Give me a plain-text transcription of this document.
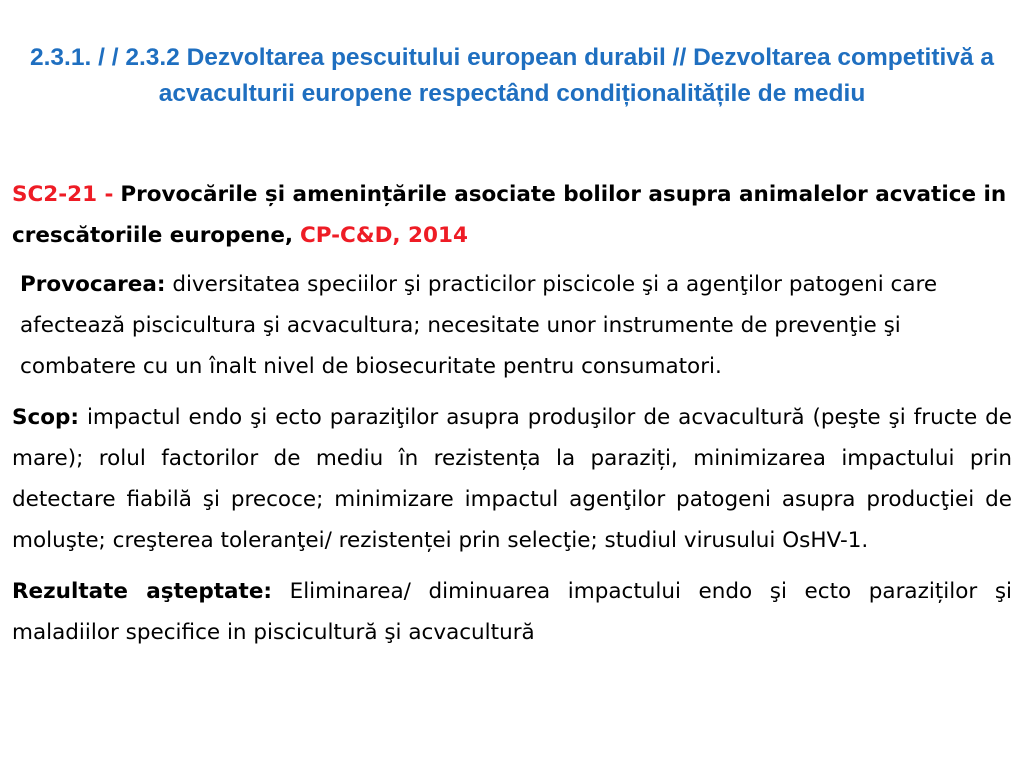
2.3.1. / / 2.3.2 Dezvoltarea pescuitului european durabil // Dezvoltarea competitivă a acvaculturii europene respectând condiționalitățile de mediu

SC2-21 - Provocările și amenințările asociate bolilor asupra animalelor acvatice in crescătoriile europene, CP-C&D, 2014

Provocarea: diversitatea speciilor şi practicilor piscicole şi a agenţilor patogeni care afectează piscicultura şi acvacultura; necesitate unor instrumente de prevenţie şi combatere cu un înalt nivel de biosecuritate pentru consumatori.

Scop: impactul endo şi ecto paraziţilor asupra produşilor de acvacultură (peşte şi fructe de mare); rolul factorilor de mediu în rezistența la paraziți, minimizarea impactului prin detectare fiabilă şi precoce; minimizare impactul agenţilor patogeni asupra producţiei de moluşte; creşterea toleranţei/ rezistenței prin selecţie; studiul virusului OsHV-1.

Rezultate aşteptate: Eliminarea/ diminuarea impactului endo şi ecto paraziților şi maladiilor specifice in piscicultură şi acvacultură
